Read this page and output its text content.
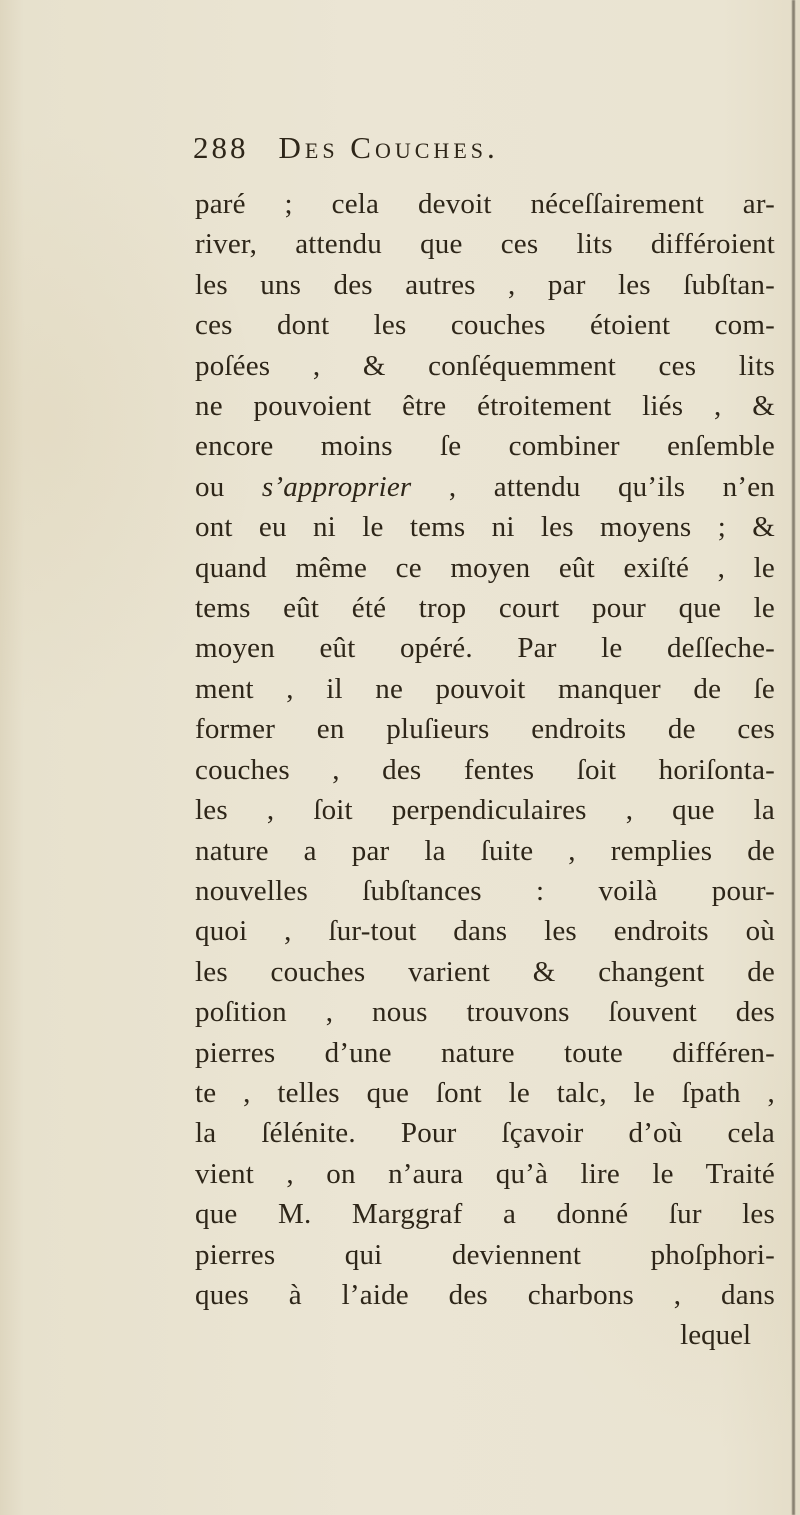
288 Des Couches.
paré ; cela devoit néceſſairement ar-
river, attendu que ces lits différoient
les uns des autres , par les ſubſtan-
ces dont les couches étoient com-
poſées , & conſéquemment ces lits
ne pouvoient être étroitement liés , &
encore moins ſe combiner enſemble
ou s’approprier , attendu qu’ils n’en
ont eu ni le tems ni les moyens ; &
quand même ce moyen eût exiſté , le
tems eût été trop court pour que le
moyen eût opéré. Par le deſſeche-
ment , il ne pouvoit manquer de ſe
former en pluſieurs endroits de ces
couches , des fentes ſoit horiſonta-
les , ſoit perpendiculaires , que la
nature a par la ſuite , remplies de
nouvelles ſubſtances : voilà pour-
quoi , ſur-tout dans les endroits où
les couches varient & changent de
poſition , nous trouvons ſouvent des
pierres d’une nature toute différen-
te , telles que ſont le talc, le ſpath ,
la ſélénite. Pour ſçavoir d’où cela
vient , on n’aura qu’à lire le Traité
que M. Marggraf a donné ſur les
pierres qui deviennent phoſphori-
ques à l’aide des charbons , dans
lequel
